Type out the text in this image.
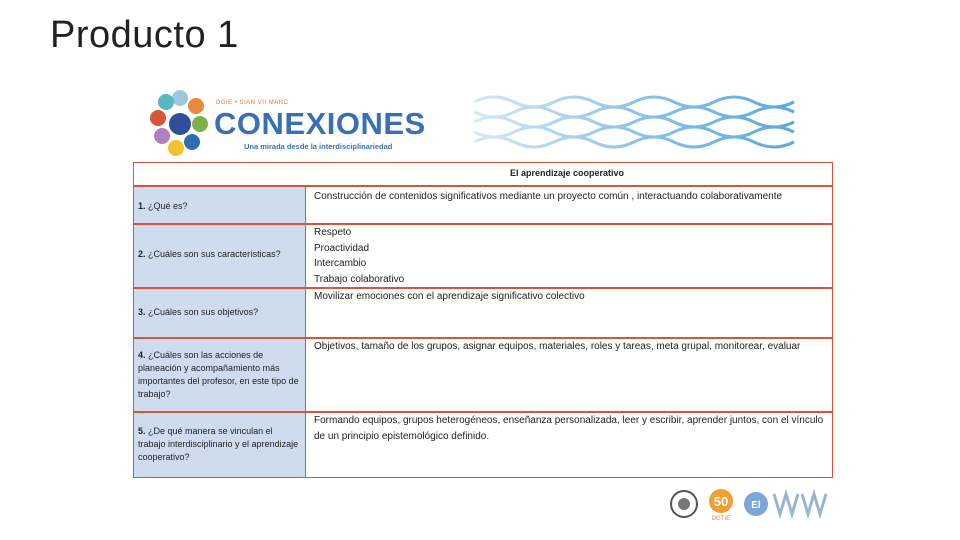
Producto 1
DGIE • SIAN VII MARC
CONEXIONES
Una mirada desde la interdisciplinariedad
El aprendizaje cooperativo
1. ¿Qué es?
Construcción de contenidos significativos mediante un proyecto común , interactuando colaborativamente
2. ¿Cuáles son sus características?
Respeto
Proactividad
Intercambio
Trabajo colaborativo
3. ¿Cuáles son sus objetivos?
Movilizar emociones con el aprendizaje significativo colectivo
4. ¿Cuáles son las acciones de planeación y acompañamiento más importantes del profesor, en este tipo de trabajo?
Objetivos, tamaño de los grupos, asignar equipos, materiales, roles y tareas, meta grupal, monitorear, evaluar
5. ¿De qué manera se vinculan el trabajo interdisciplinario y el aprendizaje cooperativo?
Formando equipos, grupos heterogéneos, enseñanza personalizada, leer y escribir, aprender juntos, con el vínculo de un principio epistemológico definido.
50
DGTIE
El
